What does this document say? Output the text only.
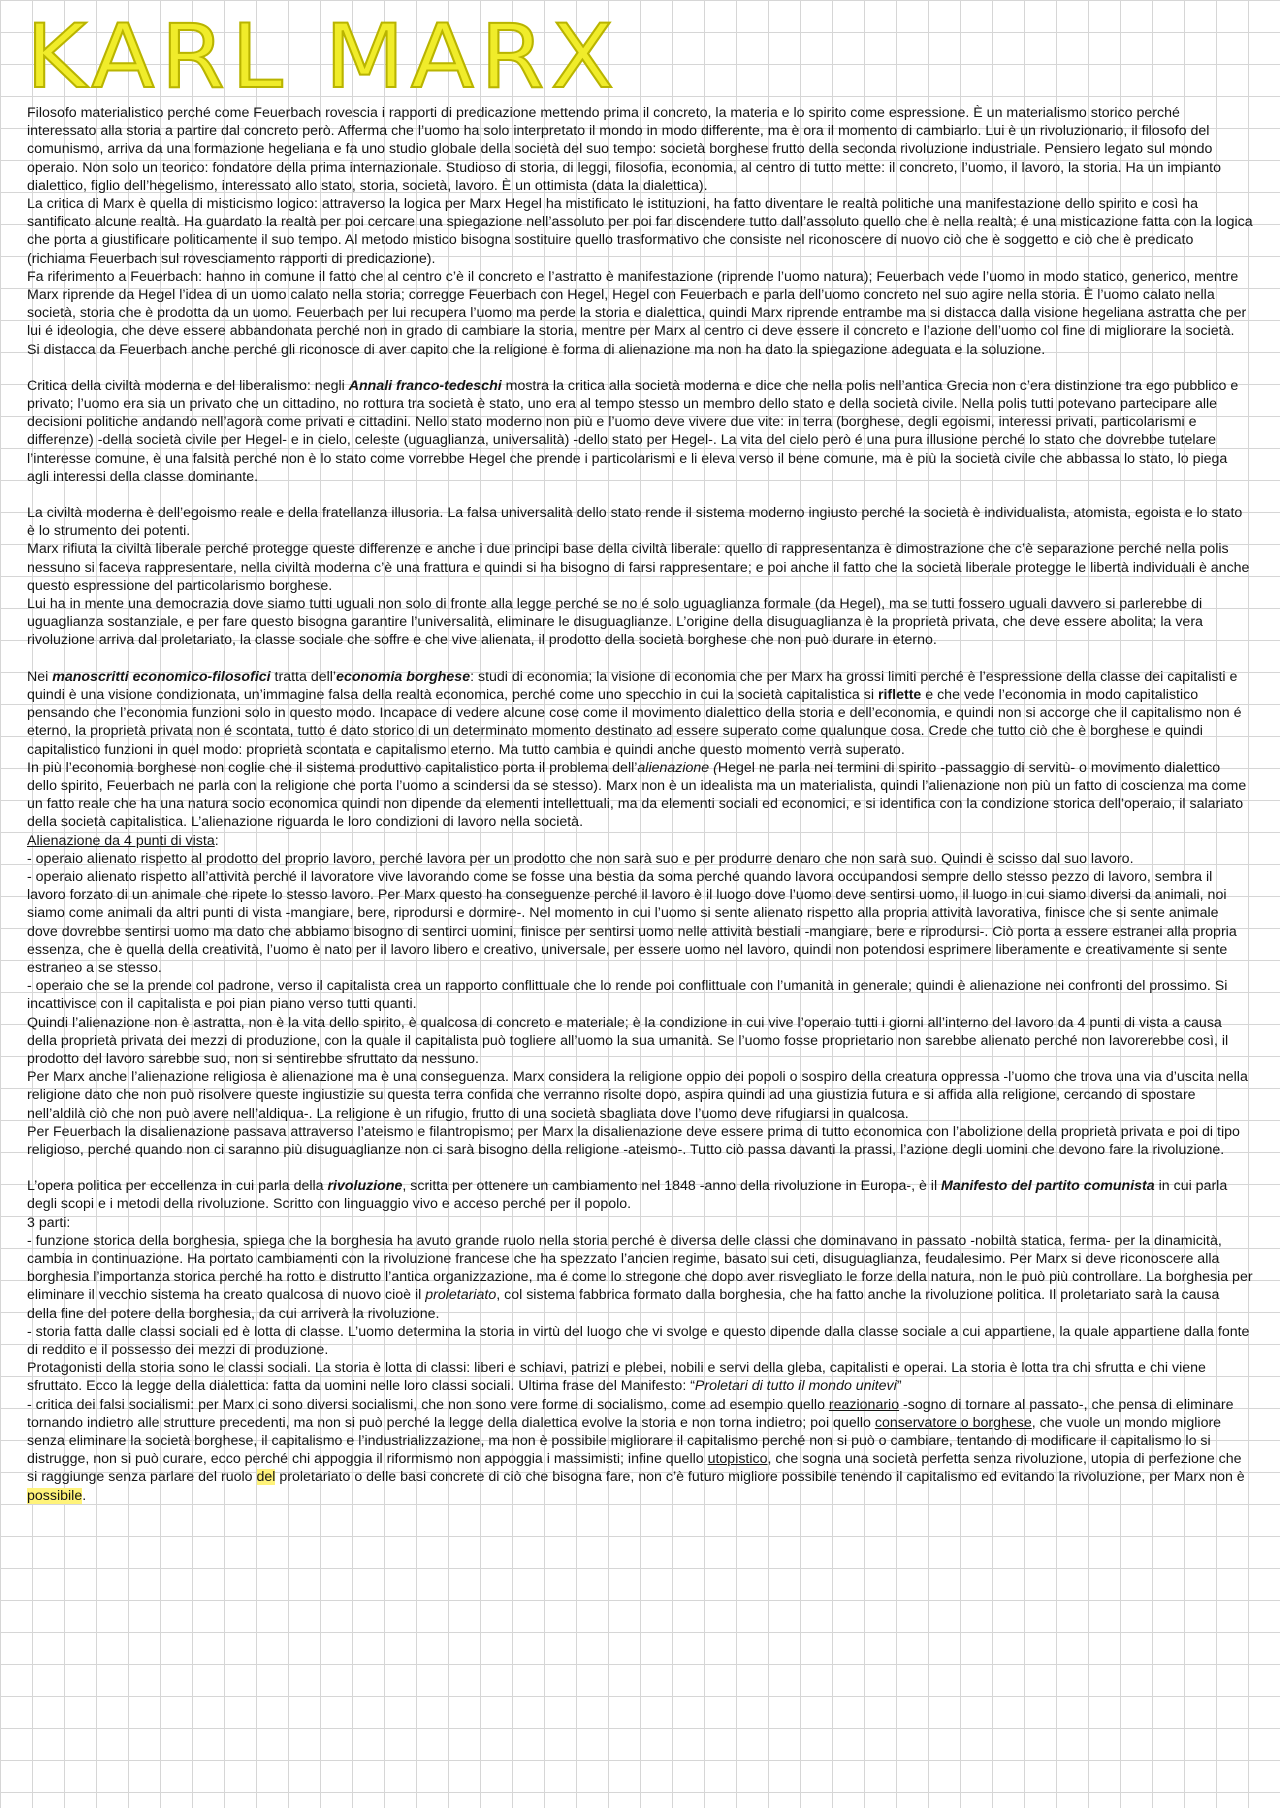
KARL MARX

Filosofo materialistico perché come Feuerbach rovescia i rapporti di predicazione mettendo prima il concreto, la materia e lo spirito come espressione. È un materialismo storico perché interessato alla storia a partire dal concreto però. Afferma che l’uomo ha solo interpretato il mondo in modo differente, ma è ora il momento di cambiarlo. Lui è un rivoluzionario, il filosofo del comunismo, arriva da una formazione hegeliana e fa uno studio globale della società del suo tempo: società borghese frutto della seconda rivoluzione industriale. Pensiero legato sul mondo operaio. Non solo un teorico: fondatore della prima internazionale. Studioso di storia, di leggi, filosofia, economia, al centro di tutto mette: il concreto, l’uomo, il lavoro, la storia. Ha un impianto dialettico, figlio dell’hegelismo, interessato allo stato, storia, società, lavoro. È un ottimista (data la dialettica).

La critica di Marx è quella di misticismo logico: attraverso la logica per Marx Hegel ha mistificato le istituzioni, ha fatto diventare le realtà politiche una manifestazione dello spirito e così ha santificato alcune realtà. Ha guardato la realtà per poi cercare una spiegazione nell’assoluto per poi far discendere tutto dall’assoluto quello che è nella realtà; é una misticazione fatta con la logica che porta a giustificare politicamente il suo tempo. Al metodo mistico bisogna sostituire quello trasformativo che consiste nel riconoscere di nuovo ciò che è soggetto e ciò che è predicato (richiama Feuerbach sul rovesciamento rapporti di predicazione).

Fa riferimento a Feuerbach: hanno in comune il fatto che al centro c’è il concreto e l’astratto è manifestazione (riprende l’uomo natura); Feuerbach vede l’uomo in modo statico, generico, mentre Marx riprende da Hegel l’idea di un uomo calato nella storia; corregge Feuerbach con Hegel, Hegel con Feuerbach e parla dell’uomo concreto nel suo agire nella storia. È l’uomo calato nella società, storia che è prodotta da un uomo. Feuerbach per lui recupera l’uomo ma perde la storia e dialettica, quindi Marx riprende entrambe ma si distacca dalla visione hegeliana astratta che per lui é ideologia, che deve essere abbandonata perché non in grado di cambiare la storia, mentre per Marx al centro ci deve essere il concreto e l’azione dell’uomo col fine di migliorare la società.

Si distacca da Feuerbach anche perché gli riconosce di aver capito che la religione è forma di alienazione ma non ha dato la spiegazione adeguata e la soluzione.

Critica della civiltà moderna e del liberalismo: negli Annali franco-tedeschi mostra la critica alla società moderna e dice che nella polis nell’antica Grecia non c’era distinzione tra ego pubblico e privato; l’uomo era sia un privato che un cittadino, no rottura tra società è stato, uno era al tempo stesso un membro dello stato e della società civile. Nella polis tutti potevano partecipare alle decisioni politiche andando nell’agorà come privati e cittadini. Nello stato moderno non più e l’uomo deve vivere due vite: in terra (borghese, degli egoismi, interessi privati, particolarismi e differenze) -della società civile per Hegel- e in cielo, celeste (uguaglianza, universalità) -dello stato per Hegel-. La vita del cielo però é una pura illusione perché lo stato che dovrebbe tutelare l’interesse comune, è una falsità perché non è lo stato come vorrebbe Hegel che prende i particolarismi e li eleva verso il bene comune, ma è più la società civile che abbassa lo stato, lo piega agli interessi della classe dominante.

La civiltà moderna è dell’egoismo reale e della fratellanza illusoria. La falsa universalità dello stato rende il sistema moderno ingiusto perché la società è individualista, atomista, egoista e lo stato è lo strumento dei potenti.

Marx rifiuta la civiltà liberale perché protegge queste differenze e anche i due principi base della civiltà liberale: quello di rappresentanza è dimostrazione che c’è separazione perché nella polis nessuno si faceva rappresentare, nella civiltà moderna c’è una frattura e quindi si ha bisogno di farsi rappresentare; e poi anche il fatto che la società liberale protegge le libertà individuali è anche questo espressione del particolarismo borghese.

Lui ha in mente una democrazia dove siamo tutti uguali non solo di fronte alla legge perché se no é solo uguaglianza formale (da Hegel), ma se tutti fossero uguali davvero si parlerebbe di uguaglianza sostanziale, e per fare questo bisogna garantire l’universalità, eliminare le disuguaglianze. L’origine della disuguaglianza è la proprietà privata, che deve essere abolita; la vera rivoluzione arriva dal proletariato, la classe sociale che soffre e che vive alienata, il prodotto della società borghese che non può durare in eterno.

Nei manoscritti economico-filosofici tratta dell’economia borghese: studi di economia; la visione di economia che per Marx ha grossi limiti perché è l’espressione della classe dei capitalisti e quindi è una visione condizionata, un’immagine falsa della realtà economica, perché come uno specchio in cui la società capitalistica si riflette e che vede l’economia in modo capitalistico pensando che l’economia funzioni solo in questo modo. Incapace di vedere alcune cose come il movimento dialettico della storia e dell’economia, e quindi non si accorge che il capitalismo non é eterno, la proprietà privata non é scontata, tutto é dato storico di un determinato momento destinato ad essere superato come qualunque cosa. Crede che tutto ciò che è borghese e quindi capitalistico funzioni in quel modo: proprietà scontata e capitalismo eterno. Ma tutto cambia e quindi anche questo momento verrà superato.

In più l’economia borghese non coglie che il sistema produttivo capitalistico porta il problema dell’alienazione (Hegel ne parla nei termini di spirito -passaggio di servitù- o movimento dialettico dello spirito, Feuerbach ne parla con la religione che porta l’uomo a scindersi da se stesso). Marx non è un idealista ma un materialista, quindi l’alienazione non più un fatto di coscienza ma come un fatto reale che ha una natura socio economica quindi non dipende da elementi intellettuali, ma da elementi sociali ed economici, e si identifica con la condizione storica dell’operaio, il salariato della società capitalistica. L’alienazione riguarda le loro condizioni di lavoro nella società.

Alienazione da 4 punti di vista:

- operaio alienato rispetto al prodotto del proprio lavoro, perché lavora per un prodotto che non sarà suo e per produrre denaro che non sarà suo. Quindi è scisso dal suo lavoro.

- operaio alienato rispetto all’attività perché il lavoratore vive lavorando come se fosse una bestia da soma perché quando lavora occupandosi sempre dello stesso pezzo di lavoro, sembra il lavoro forzato di un animale che ripete lo stesso lavoro. Per Marx questo ha conseguenze perché il lavoro è il luogo dove l’uomo deve sentirsi uomo, il luogo in cui siamo diversi da animali, noi siamo come animali da altri punti di vista -mangiare, bere, riprodursi e dormire-. Nel momento in cui l’uomo si sente alienato rispetto alla propria attività lavorativa, finisce che si sente animale dove dovrebbe sentirsi uomo ma dato che abbiamo bisogno di sentirci uomini, finisce per sentirsi uomo nelle attività bestiali -mangiare, bere e riprodursi-. Ciò porta a essere estranei alla propria essenza, che è quella della creatività, l’uomo è nato per il lavoro libero e creativo, universale, per essere uomo nel lavoro, quindi non potendosi esprimere liberamente e creativamente si sente estraneo a se stesso.

- operaio che se la prende col padrone, verso il capitalista crea un rapporto conflittuale che lo rende poi conflittuale con l’umanità in generale; quindi è alienazione nei confronti del prossimo. Si incattivisce con il capitalista e poi pian piano verso tutti quanti.

Quindi l’alienazione non è astratta, non è la vita dello spirito, è qualcosa di concreto e materiale; è la condizione in cui vive l’operaio tutti i giorni all’interno del lavoro da 4 punti di vista a causa della proprietà privata dei mezzi di produzione, con la quale il capitalista può togliere all’uomo la sua umanità. Se l’uomo fosse proprietario non sarebbe alienato perché non lavorerebbe così, il prodotto del lavoro sarebbe suo, non si sentirebbe sfruttato da nessuno.

Per Marx anche l’alienazione religiosa è alienazione ma è una conseguenza. Marx considera la religione oppio dei popoli o sospiro della creatura oppressa -l’uomo che trova una via d’uscita nella religione dato che non può risolvere queste ingiustizie su questa terra confida che verranno risolte dopo, aspira quindi ad una giustizia futura e si affida alla religione, cercando di spostare nell’aldilà ciò che non può avere nell’aldiqua-. La religione è un rifugio, frutto di una società sbagliata dove l’uomo deve rifugiarsi in qualcosa.

Per Feuerbach la disalienazione passava attraverso l’ateismo e filantropismo; per Marx la disalienazione deve essere prima di tutto economica con l’abolizione della proprietà privata e poi di tipo religioso, perché quando non ci saranno più disuguaglianze non ci sarà bisogno della religione -ateismo-. Tutto ciò passa davanti la prassi, l’azione degli uomini che devono fare la rivoluzione.

L’opera politica per eccellenza in cui parla della rivoluzione, scritta per ottenere un cambiamento nel 1848 -anno della rivoluzione in Europa-, è il Manifesto del partito comunista in cui parla degli scopi e i metodi della rivoluzione. Scritto con linguaggio vivo e acceso perché per il popolo.

3 parti:

- funzione storica della borghesia, spiega che la borghesia ha avuto grande ruolo nella storia perché è diversa delle classi che dominavano in passato -nobiltà statica, ferma- per la dinamicità, cambia in continuazione. Ha portato cambiamenti con la rivoluzione francese che ha spezzato l’ancien regime, basato sui ceti, disuguaglianza, feudalesimo. Per Marx si deve riconoscere alla borghesia l’importanza storica perché ha rotto e distrutto l’antica organizzazione, ma é come lo stregone che dopo aver risvegliato le forze della natura, non le può più controllare. La borghesia per eliminare il vecchio sistema ha creato qualcosa di nuovo cioè il proletariato, col sistema fabbrica formato dalla borghesia, che ha fatto anche la rivoluzione politica. Il proletariato sarà la causa della fine del potere della borghesia, da cui arriverà la rivoluzione.

- storia fatta dalle classi sociali ed è lotta di classe. L’uomo determina la storia in virtù del luogo che vi svolge e questo dipende dalla classe sociale a cui appartiene, la quale appartiene dalla fonte di reddito e il possesso dei mezzi di produzione.

Protagonisti della storia sono le classi sociali. La storia è lotta di classi: liberi e schiavi, patrizi e plebei, nobili e servi della gleba, capitalisti e operai. La storia è lotta tra chi sfrutta e chi viene sfruttato. Ecco la legge della dialettica: fatta da uomini nelle loro classi sociali. Ultima frase del Manifesto: “Proletari di tutto il mondo unitevi”

- critica dei falsi socialismi: per Marx ci sono diversi socialismi, che non sono vere forme di socialismo, come ad esempio quello reazionario -sogno di tornare al passato-, che pensa di eliminare tornando indietro alle strutture precedenti, ma non si può perché la legge della dialettica evolve la storia e non torna indietro; poi quello conservatore o borghese, che vuole un mondo migliore senza eliminare la società borghese, il capitalismo e l’industrializzazione, ma non è possibile migliorare il capitalismo perché non si può o cambiare, tentando di modificare il capitalismo lo si distrugge, non si può curare, ecco perché chi appoggia il riformismo non appoggia i massimisti; infine quello utopistico, che sogna una società perfetta senza rivoluzione, utopia di perfezione che si raggiunge senza parlare del ruolo del proletariato o delle basi concrete di ciò che bisogna fare, non c’è futuro migliore possibile tenendo il capitalismo ed evitando la rivoluzione, per Marx non è possibile.
